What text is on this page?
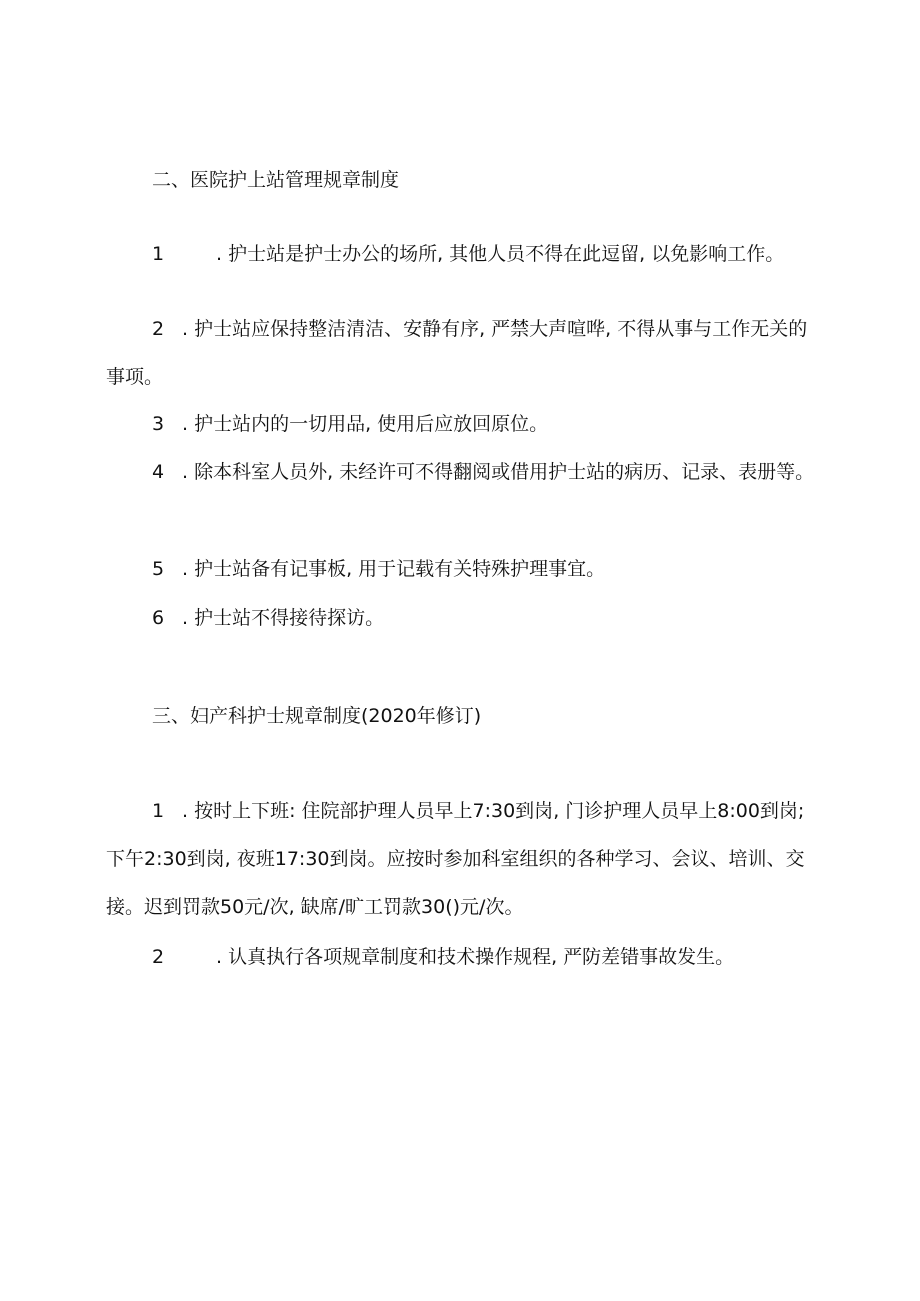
二、医院护上站管理规章制度
1	. 护士站是护士办公的场所, 其他人员不得在此逗留, 以免影响工作。
2 . 护士站应保持整洁清洁、安静有序, 严禁大声喧哗, 不得从事与工作无关的事项。
3 . 护士站内的一切用品, 使用后应放回原位。
4 . 除本科室人员外, 未经许可不得翻阅或借用护士站的病历、记录、表册等。
5 . 护士站备有记事板, 用于记载有关特殊护理事宜。
6 . 护士站不得接待探访。
三、妇产科护士规章制度(2020年修订)
1 . 按时上下班: 住院部护理人员早上7:30到岗, 门诊护理人员早上8:00到岗; 下午2:30到岗, 夜班17:30到岗。应按时参加科室组织的各种学习、会议、培训、交接。迟到罚款50元/次, 缺席/旷工罚款30()元/次。
2	. 认真执行各项规章制度和技术操作规程, 严防差错事故发生。
